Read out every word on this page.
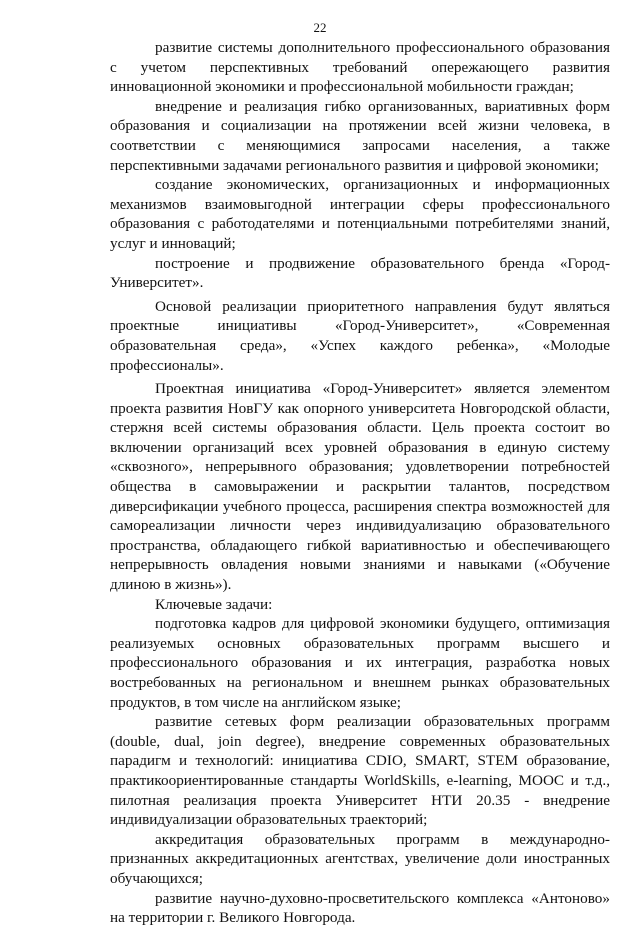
22

развитие системы дополнительного профессионального образования с учетом перспективных требований опережающего развития инновационной экономики и профессиональной мобильности граждан;

внедрение и реализация гибко организованных, вариативных форм образования и социализации на протяжении всей жизни человека, в соответствии с меняющимися запросами населения, а также перспективными задачами регионального развития и цифровой экономики;

создание экономических, организационных и информационных механизмов взаимовыгодной интеграции сферы профессионального образования с работодателями и потенциальными потребителями знаний, услуг и инноваций;

построение и продвижение образовательного бренда «Город-Университет».

Основой реализации приоритетного направления будут являться проектные инициативы «Город-Университет», «Современная образовательная среда», «Успех каждого ребенка», «Молодые профессионалы».

Проектная инициатива «Город-Университет» является элементом проекта развития НовГУ как опорного университета Новгородской области, стержня всей системы образования области. Цель проекта состоит во включении организаций всех уровней образования в единую систему «сквозного», непрерывного образования; удовлетворении потребностей общества в самовыражении и раскрытии талантов, посредством диверсификации учебного процесса, расширения спектра возможностей для самореализации личности через индивидуализацию образовательного пространства, обладающего гибкой вариативностью и обеспечивающего непрерывность овладения новыми знаниями и навыками («Обучение длиною в жизнь»).

Ключевые задачи:

подготовка кадров для цифровой экономики будущего, оптимизация реализуемых основных образовательных программ высшего и профессионального образования и их интеграция, разработка новых востребованных на региональном и внешнем рынках образовательных продуктов, в том числе на английском языке;

развитие сетевых форм реализации образовательных программ (double, dual, join degree), внедрение современных образовательных парадигм и технологий: инициатива CDIO, SMART, STEM образование, практикоориентированные стандарты WorldSkills, e-learning, MOOC и т.д., пилотная реализация проекта Университет НТИ 20.35 - внедрение индивидуализации образовательных траекторий;

аккредитация образовательных программ в международно-признанных аккредитационных агентствах, увеличение доли иностранных обучающихся;

развитие научно-духовно-просветительского комплекса «Антоново» на территории г. Великого Новгорода.
